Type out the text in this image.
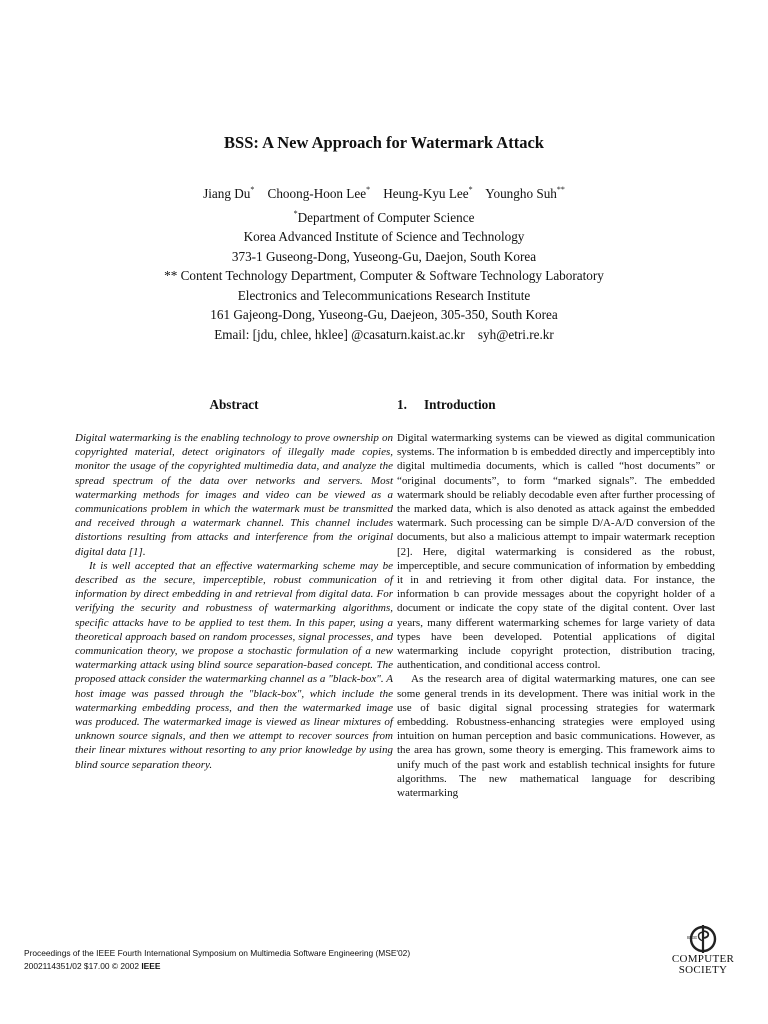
BSS: A New Approach for Watermark Attack
Jiang Du* Choong-Hoon Lee* Heung-Kyu Lee* Youngho Suh**
*Department of Computer Science
Korea Advanced Institute of Science and Technology
373-1 Guseong-Dong, Yuseong-Gu, Daejon, South Korea
** Content Technology Department, Computer & Software Technology Laboratory
Electronics and Telecommunications Research Institute
161 Gajeong-Dong, Yuseong-Gu, Daejeon, 305-350, South Korea
Email: [jdu, chlee, hklee] @casaturn.kaist.ac.kr    syh@etri.re.kr
Abstract

Digital watermarking is the enabling technology to prove ownership on copyrighted material, detect originators of illegally made copies, monitor the usage of the copyrighted multimedia data, and analyze the spread spectrum of the data over networks and servers. Most watermarking methods for images and video can be viewed as a communications problem in which the watermark must be transmitted and received through a watermark channel. This channel includes distortions resulting from attacks and interference from the original digital data [1].

It is well accepted that an effective watermarking scheme may be described as the secure, imperceptible, robust communication of information by direct embedding in and retrieval from digital data. For verifying the security and robustness of watermarking algorithms, specific attacks have to be applied to test them. In this paper, using a theoretical approach based on random processes, signal processes, and communication theory, we propose a stochastic formulation of a new watermarking attack using blind source separation-based concept. The proposed attack consider the watermarking channel as a "black-box". A host image was passed through the "black-box", which include the watermarking embedding process, and then the watermarked image was produced. The watermarked image is viewed as linear mixtures of unknown source signals, and then we attempt to recover sources from their linear mixtures without resorting to any prior knowledge by using blind source separation theory.

1. Introduction

Digital watermarking systems can be viewed as digital communication systems. The information b is embedded directly and imperceptibly into digital multimedia documents, which is called “host documents” or “original documents”, to form “marked signals”. The embedded watermark should be reliably decodable even after further processing of the marked data, which is also denoted as attack against the embedded watermark. Such processing can be simple D/A-A/D conversion of the documents, but also a malicious attempt to impair watermark reception [2]. Here, digital watermarking is considered as the robust, imperceptible, and secure communication of information by embedding it in and retrieving it from other digital data. For instance, the information b can provide messages about the copyright holder of a document or indicate the copy state of the digital content. Over last years, many different watermarking schemes for large variety of data types have been developed. Potential applications of digital watermarking include copyright protection, distribution tracing, authentication, and conditional access control.

As the research area of digital watermarking matures, one can see some general trends in its development. There was initial work in the use of basic digital signal processing strategies for watermark embedding. Robustness-enhancing strategies were employed using intuition on human perception and basic communications. However, as the area has grown, some theory is emerging. This framework aims to unify much of the past work and establish technical insights for future algorithms. The new mathematical language for describing watermarking

Proceedings of the IEEE Fourth International Symposium on Multimedia Software Engineering (MSE'02)
2002114351/02 $17.00 © 2002 IEEE
IEEE
COMPUTER
SOCIETY
